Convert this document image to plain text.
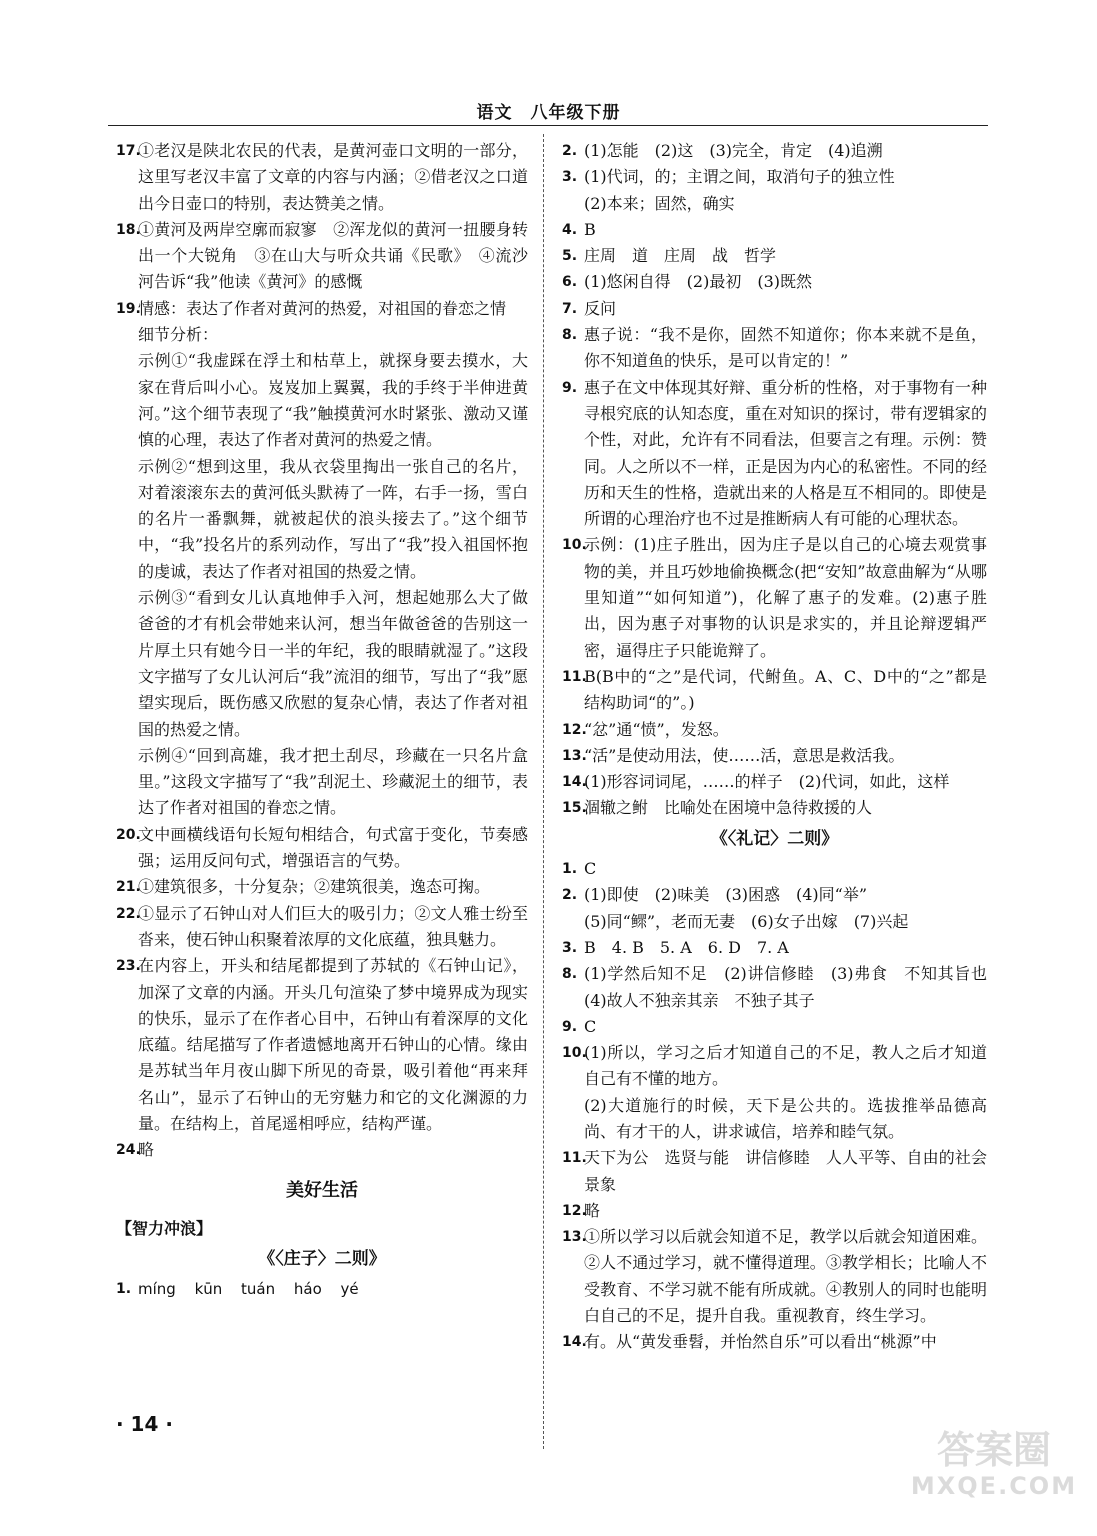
语文　八年级下册
17.
①老汉是陕北农民的代表，是黄河壶口文明的一部分，这里写老汉丰富了文章的内容与内涵；②借老汉之口道出今日壶口的特别，表达赞美之情。
18.
①黄河及两岸空廓而寂寥　②浑龙似的黄河一扭腰身转出一个大锐角　③在山大与听众共诵《民歌》　④流沙河告诉“我”他读《黄河》的感慨
19.
情感：表达了作者对黄河的热爱，对祖国的眷恋之情
细节分析：
示例①“我虚踩在浮土和枯草上，就探身要去摸水，大家在背后叫小心。岌岌加上翼翼，我的手终于半伸进黄河。”这个细节表现了“我”触摸黄河水时紧张、激动又谨慎的心理，表达了作者对黄河的热爱之情。
示例②“想到这里，我从衣袋里掏出一张自己的名片，对着滚滚东去的黄河低头默祷了一阵，右手一扬，雪白的名片一番飘舞，就被起伏的浪头接去了。”这个细节中，“我”投名片的系列动作，写出了“我”投入祖国怀抱的虔诚，表达了作者对祖国的热爱之情。
示例③“看到女儿认真地伸手入河，想起她那么大了做爸爸的才有机会带她来认河，想当年做爸爸的告别这一片厚土只有她今日一半的年纪，我的眼睛就湿了。”这段文字描写了女儿认河后“我”流泪的细节，写出了“我”愿望实现后，既伤感又欣慰的复杂心情，表达了作者对祖国的热爱之情。
示例④“回到高雄，我才把土刮尽，珍藏在一只名片盒里。”这段文字描写了“我”刮泥土、珍藏泥土的细节，表达了作者对祖国的眷恋之情。
20.
文中画横线语句长短句相结合，句式富于变化，节奏感强；运用反问句式，增强语言的气势。
21.
①建筑很多，十分复杂；②建筑很美，逸态可掬。
22.
①显示了石钟山对人们巨大的吸引力；②文人雅士纷至沓来，使石钟山积聚着浓厚的文化底蕴，独具魅力。
23.
在内容上，开头和结尾都提到了苏轼的《石钟山记》，加深了文章的内涵。开头几句渲染了梦中境界成为现实的快乐，显示了在作者心目中，石钟山有着深厚的文化底蕴。结尾描写了作者遗憾地离开石钟山的心情。缘由是苏轼当年月夜山脚下所见的奇景，吸引着他“再来拜名山”，显示了石钟山的无穷魅力和它的文化渊源的力量。在结构上，首尾遥相呼应，结构严谨。
24.
略
美好生活
【智力冲浪】
《〈庄子〉二则》
1. míng kūn tuán háo yé
2. (1)怎能　(2)这　(3)完全，肯定　(4)追溯
3. (1)代词，的；主谓之间，取消句子的独立性
(2)本来；固然，确实
4. B
5. 庄周　道　庄周　战　哲学
6. (1)悠闲自得　(2)最初　(3)既然
7. 反问
8. 惠子说：“我不是你，固然不知道你；你本来就不是鱼，你不知道鱼的快乐，是可以肯定的！”
9. 惠子在文中体现其好辩、重分析的性格，对于事物有一种寻根究底的认知态度，重在对知识的探讨，带有逻辑家的个性，对此，允许有不同看法，但要言之有理。示例：赞同。人之所以不一样，正是因为内心的私密性。不同的经历和天生的性格，造就出来的人格是互不相同的。即使是所谓的心理治疗也不过是推断病人有可能的心理状态。
10.
示例：(1)庄子胜出，因为庄子是以自己的心境去观赏事物的美，并且巧妙地偷换概念(把“安知”故意曲解为“从哪里知道”“如何知道”)，化解了惠子的发难。(2)惠子胜出，因为惠子对事物的认识是求实的，并且论辩逻辑严密，逼得庄子只能诡辩了。
11.
B(B中的“之”是代词，代鲋鱼。A、C、D中的“之”都是结构助词“的”。)
12.
“忿”通“愤”，发怒。
13.
“活”是使动用法，使……活，意思是救活我。
14.
(1)形容词词尾，……的样子　(2)代词，如此，这样
15.
涸辙之鲋　比喻处在困境中急待救援的人
《〈礼记〉二则》
1. C
2. (1)即使　(2)味美　(3)困惑　(4)同“举”
(5)同“鳏”，老而无妻　(6)女子出嫁　(7)兴起
3. B　4. B　5. A　6. D　7. A
8. (1)学然后知不足　(2)讲信修睦　(3)弗食　不知其旨也　(4)故人不独亲其亲　不独子其子
9. C
10.
(1)所以，学习之后才知道自己的不足，教人之后才知道自己有不懂的地方。
(2)大道施行的时候，天下是公共的。选拔推举品德高尚、有才干的人，讲求诚信，培养和睦气氛。
11.
天下为公　选贤与能　讲信修睦　人人平等、自由的社会景象
12.
略
13.
①所以学习以后就会知道不足，教学以后就会知道困难。②人不通过学习，就不懂得道理。③教学相长；比喻人不受教育、不学习就不能有所成就。④教别人的同时也能明白自己的不足，提升自我。重视教育，终生学习。
14.
有。从“黄发垂髫，并怡然自乐”可以看出“桃源”中
· 14 ·
答案圈
MXQE.COM
